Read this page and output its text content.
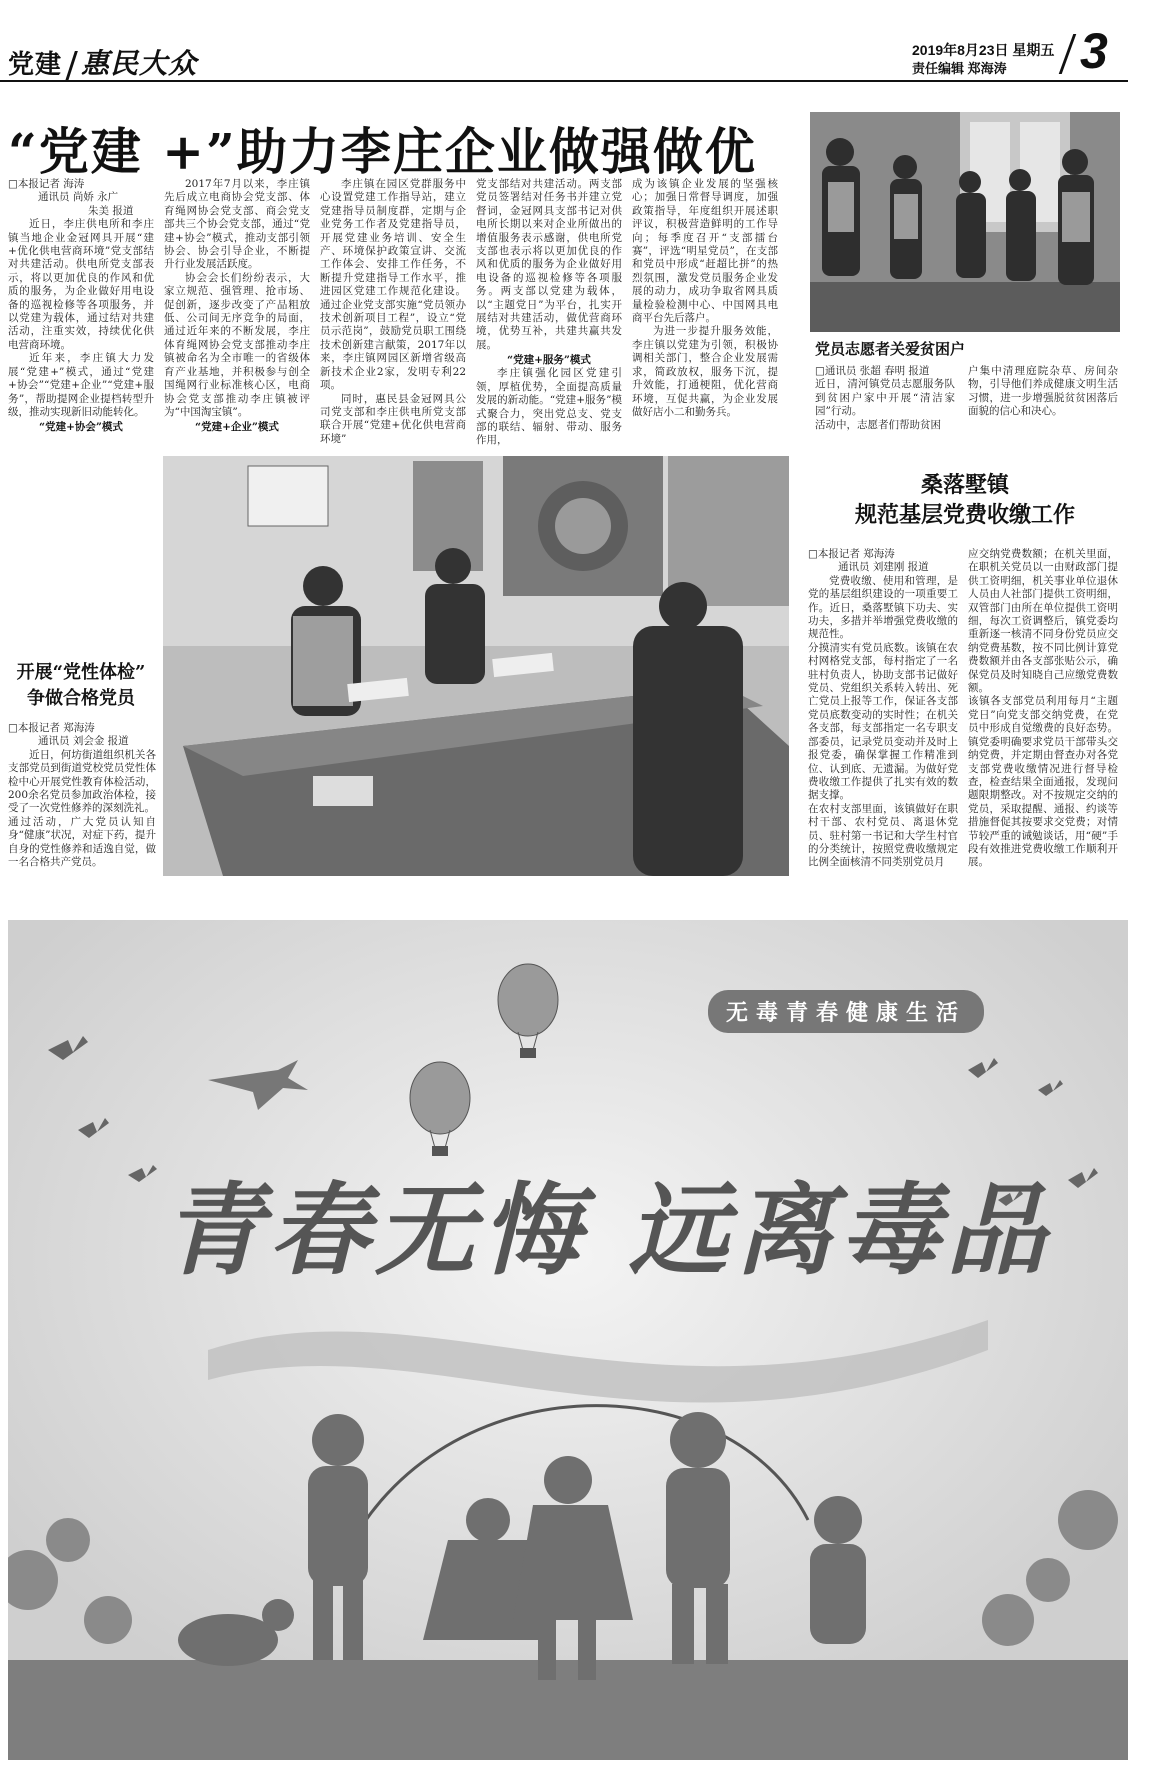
党建 惠民大众	2019年8月23日 星期五
责任编辑 郑海涛 3
“党建 +”助力李庄企业做强做优
□本报记者 海涛
通讯员 尚娇 永广
朱美 报道
近日，李庄供电所和李庄镇当地企业金冠网具开展“建+优化供电营商环境”党支部结对共建活动。供电所党支部表示，将以更加优良的作风和优质的服务，为企业做好用电设备的巡视检修等各项服务，并以党建为载体，通过结对共建活动，注重实效，持续优化供电营商环境。
近年来，李庄镇大力发展“党建+”模式，通过“党建+协会”“党建+企业”“党建+服务”，帮助提网企业提档转型升级，推动实现新旧动能转化。
“党建+协会”模式
2017年7月以来，李庄镇先后成立电商协会党支部、体育绳网协会党支部、商会党支部共三个协会党支部，通过“党建+协会”模式，推动支部引领协会、协会引导企业，不断提升行业发展活跃度。
协会会长们纷纷表示，大家立规范、强管理、抢市场、促创新，逐步改变了产品粗放低、公司间无序竞争的局面，通过近年来的不断发展，李庄体育绳网协会党支部推动李庄镇被命名为全市唯一的省级体育产业基地，并积极参与创全国绳网行业标准核心区，电商协会党支部推动李庄镇被评为“中国淘宝镇”。
“党建+企业”模式
李庄镇在园区党群服务中心设置党建工作指导站，建立党建指导员制度群，定期与企业党务工作者及党建指导员，开展党建业务培训、安全生产、环境保护政策宣讲、交流工作体会、安排工作任务，不断提升党建指导工作水平，推进园区党建工作规范化建设。通过企业党支部实施“党员领办技术创新项目工程”，设立“党员示范岗”，鼓励党员职工围绕技术创新建言献策，2017年以来，李庄镇网园区新增省级高新技术企业2家，发明专利22项。
同时，惠民县金冠网具公司党支部和李庄供电所党支部联合开展“党建+优化供电营商环境”
党支部结对共建活动。两支部党员签署结对任务书并建立党督词，金冠网具支部书记对供电所长期以来对企业所做出的增值服务表示感谢，供电所党支部也表示将以更加优良的作风和优质的服务为企业做好用电设备的巡视检修等各项服务。两支部以党建为载体，以“主题党日”为平台，扎实开展结对共建活动，做优营商环境，优势互补，共建共赢共发展。
“党建+服务”模式
李庄镇强化园区党建引领，厚植优势，全面提高质量发展的新动能。“党建+服务”模式聚合力，突出党总支、党支部的联结、辐射、带动、服务作用，
成为该镇企业发展的坚强核心；加强日常督导调度，加强政策指导，年度组织开展述职评议，积极营造鲜明的工作导向；每季度召开“支部擂台赛”，评选“明星党员”，在支部和党员中形成“赶超比拼”的热烈氛围，激发党员服务企业发展的动力，成功争取省网具质量检验检测中心、中国网具电商平台先后落户。
为进一步提升服务效能，李庄镇以党建为引领，积极协调相关部门，整合企业发展需求，简政放权，服务下沉，提升效能，打通梗阻，优化营商环境，互促共赢，为企业发展做好店小二和勤务兵。
党员志愿者关爱贫困户
□通讯员 张超 春明 报道
近日，清河镇党员志愿服务队到贫困户家中开展“清洁家园”行动。
活动中，志愿者们帮助贫困
户集中清理庭院杂草、房间杂物，引导他们养成健康文明生活习惯，进一步增强脱贫贫困落后面貌的信心和决心。
开展“党性体检”
争做合格党员
□本报记者 郑海涛
通讯员 刘会金 报道
近日，何坊街道组织机关各支部党员到街道党校党员党性体检中心开展党性教育体检活动，200余名党员参加政治体检，接受了一次党性修养的深刻洗礼。
通过活动，广大党员认知自身“健康”状况，对症下药，提升自身的党性修养和适逸自觉，做一名合格共产党员。
桑落墅镇
规范基层党费收缴工作
□本报记者 郑海涛
通讯员 刘建刚 报道
党费收缴、使用和管理，是党的基层组织建设的一项重要工作。近日，桑落墅镇下功夫、实功夫，多措并举增强党费收缴的规范性。
分摸清实有党员底数。该镇在农村网格党支部，每村指定了一名驻村负责人，协助支部书记做好党员、党组织关系转入转出、死亡党员上报等工作，保证各支部党员底数变动的实时性；在机关各支部，每支部指定一名专职支部委员，记录党员变动并及时上报党委，确保掌握工作精准到位、认到底、无遗漏。为做好党费收缴工作提供了扎实有效的数据支撑。
在农村支部里面，该镇做好在职村干部、农村党员、离退休党员、驻村第一书记和大学生村官的分类统计，按照党费收缴规定比例全面核清不同类别党员月
应交纳党费数额；在机关里面，在职机关党员以一由财政部门提供工资明细，机关事业单位退休人员由人社部门提供工资明细，双管部门由所在单位提供工资明细，每次工资调整后，镇党委均重新逐一核清不同身份党员应交纳党费基数，按不同比例计算党费数额并由各支部张贴公示，确保党员及时知晓自己应缴党费数额。
该镇各支部党员利用每月“主题党日”向党支部交纳党费，在党员中形成自觉缴费的良好态势。镇党委明确要求党员干部带头交纳党费，并定期由督查办对各党支部党费收缴情况进行督导检查，检查结果全面通报，发现问题限期整改。对不按规定交纳的党员，采取提醒、通报、约谈等措施督促其按要求交党费；对情节较严重的诫勉谈话，用“硬”手段有效推进党费收缴工作顺利开展。
无毒青春健康生活
青春无悔 远离毒品
